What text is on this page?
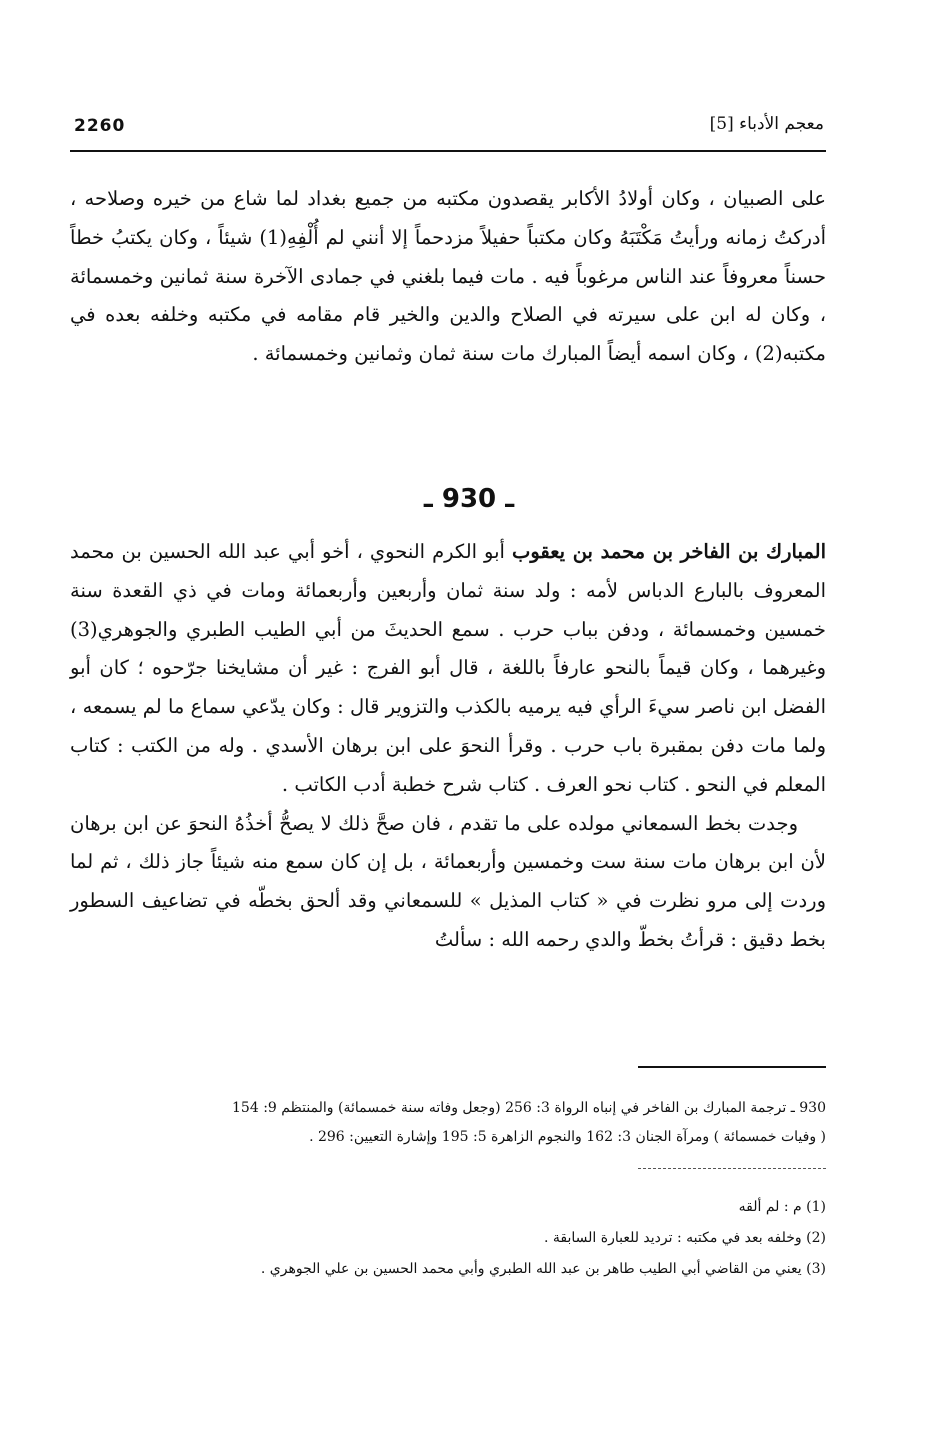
2260	معجم الأدباء [5]

على الصبيان ، وكان أولادُ الأكابر يقصدون مكتبه من جميع بغداد لما شاع من خيره وصلاحه ، أدركتُ زمانه ورأيتُ مَكْتَبَهُ وكان مكتباً حفيلاً مزدحماً إلا أنني لم أُلْفِهِ(1) شيئاً ، وكان يكتبُ خطاً حسناً معروفاً عند الناس مرغوباً فيه . مات فيما بلغني في جمادى الآخرة سنة ثمانين وخمسمائة ، وكان له ابن على سيرته في الصلاح والدين والخير قام مقامه في مكتبه وخلفه بعده في مكتبه(2) ، وكان اسمه أيضاً المبارك مات سنة ثمان وثمانين وخمسمائة .

ـ 930 ـ

المبارك بن الفاخر بن محمد بن يعقوب أبو الكرم النحوي ، أخو أبي عبد الله الحسين بن محمد المعروف بالبارع الدباس لأمه : ولد سنة ثمان وأربعين وأربعمائة ومات في ذي القعدة سنة خمسين وخمسمائة ، ودفن بباب حرب . سمع الحديثَ من أبي الطيب الطبري والجوهري(3) وغيرهما ، وكان قيماً بالنحو عارفاً باللغة ، قال أبو الفرج : غير أن مشايخنا جرّحوه ؛ كان أبو الفضل ابن ناصر سيءَ الرأي فيه يرميه بالكذب والتزوير قال : وكان يدّعي سماع ما لم يسمعه ، ولما مات دفن بمقبرة باب حرب . وقرأ النحوَ على ابن برهان الأسدي . وله من الكتب : كتاب المعلم في النحو . كتاب نحو العرف . كتاب شرح خطبة أدب الكاتب .

وجدت بخط السمعاني مولده على ما تقدم ، فان صحَّ ذلك لا يصحُّ أخذُهُ النحوَ عن ابن برهان لأن ابن برهان مات سنة ست وخمسين وأربعمائة ، بل إن كان سمع منه شيئاً جاز ذلك ، ثم لما وردت إلى مرو نظرت في « كتاب المذيل » للسمعاني وقد ألحق بخطّه في تضاعيف السطور بخط دقيق : قرأتُ بخطّ والدي رحمه الله : سألتُ

930 ـ ترجمة المبارك بن الفاخر في إنباه الرواة 3: 256 (وجعل وفاته سنة خمسمائة) والمنتظم 9: 154
( وفيات خمسمائة ) ومرآة الجنان 3: 162 والنجوم الزاهرة 5: 195 وإشارة التعيين: 296 .
(1) م : لم ألقه
(2) وخلفه بعد في مكتبه : ترديد للعبارة السابقة .
(3) يعني من القاضي أبي الطيب طاهر بن عبد الله الطبري وأبي محمد الحسين بن علي الجوهري .
